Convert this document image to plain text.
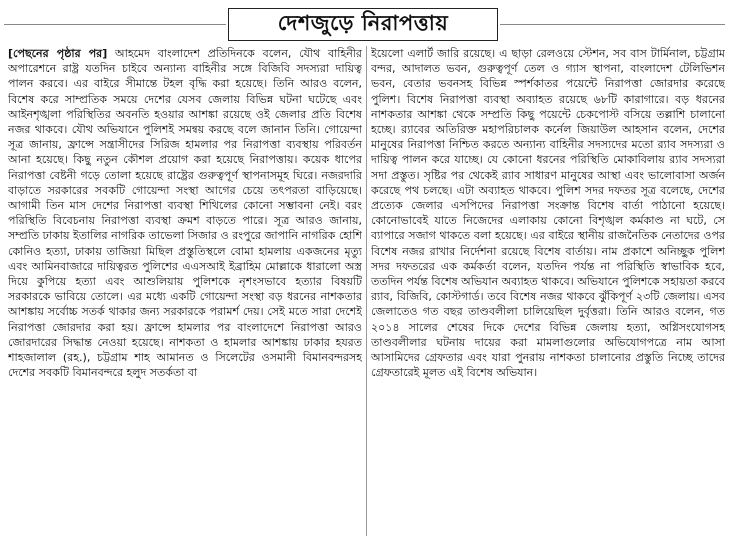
দেশজুড়ে নিরাপত্তায়
[পেছনের পৃষ্ঠার পর] আহমেদ বাংলাদেশ প্রতিদিনকে বলেন, যৌথ বাহিনীর অপারেশনে রাষ্ট্র যতদিন চাইবে অন্যান্য বাহিনীর সঙ্গে বিজিবি সদস্যরা দায়িত্ব পালন করবে। এর বাইরে সীমান্তে টহল বৃদ্ধি করা হয়েছে। তিনি আরও বলেন, বিশেষ করে সাম্প্রতিক সময়ে দেশের যেসব জেলায় বিভিন্ন ঘটনা ঘটেছে এবং আইনশৃঙ্খলা পরিস্থিতির অবনতি হওয়ার আশঙ্কা রয়েছে ওই জেলার প্রতি বিশেষ নজর থাকবে। যৌথ অভিযানে পুলিশই সমন্বয় করছে বলে জানান তিনি। গোয়েন্দা সূত্র জানায়, ফ্রান্সে সন্ত্রাসীদের সিরিজ হামলার পর নিরাপত্তা ব্যবস্থায় পরিবর্তন আনা হয়েছে। কিছু নতুন কৌশল প্রয়োগ করা হয়েছে নিরাপত্তায়। কয়েক ধাপের নিরাপত্তা বেষ্টনী গড়ে তোলা হয়েছে রাষ্ট্রের গুরুত্বপূর্ণ স্থাপনাসমূহ ঘিরে। নজরদারি বাড়াতে সরকারের সবকটি গোয়েন্দা সংস্থা আগের চেয়ে তৎপরতা বাড়িয়েছে। আগামী তিন মাস দেশের নিরাপত্তা ব্যবস্থা শিথিলের কোনো সম্ভাবনা নেই। বরং পরিস্থিতি বিবেচনায় নিরাপত্তা ব্যবস্থা ক্রমশ বাড়তে পারে। সূত্র আরও জানায়, সম্প্রতি ঢাকায় ইতালির নাগরিক তাভেলা সিজার ও রংপুরে জাপানি নাগরিক হোশি কোনিও হত্যা, ঢাকায় তাজিয়া মিছিল প্রস্তুতিস্থলে বোমা হামলায় একজনের মৃত্যু এবং আমিনবাজারে দায়িত্বরত পুলিশের এএসআই ইব্রাহিম মোল্লাকে ধারালো অস্ত্র দিয়ে কুপিয়ে হত্যা এবং আশুলিয়ায় পুলিশকে নৃশংসভাবে হত্যার বিষয়টি সরকারকে ভাবিয়ে তোলে। এর মধ্যে একটি গোয়েন্দা সংস্থা বড় ধরনের নাশকতার আশঙ্কায় সর্বোচ্চ সতর্ক থাকার জন্য সরকারকে পরামর্শ দেয়। সেই মতে সারা দেশেই নিরাপত্তা জোরদার করা হয়। ফ্রান্সে হামলার পর বাংলাদেশে নিরাপত্তা আরও জোরদারের সিদ্ধান্ত নেওয়া হয়েছে। নাশকতা ও হামলার আশঙ্কায় ঢাকার হযরত শাহজালাল (রহ.), চট্টগ্রাম শাহ আমানত ও সিলেটের ওসমানী বিমানবন্দরসহ দেশের সবকটি বিমানবন্দরে হলুদ সতর্কতা বা
ইয়েলো এলার্ট জারি রয়েছে। এ ছাড়া রেলওয়ে স্টেশন, সব বাস টার্মিনাল, চট্টগ্রাম বন্দর, আদালত ভবন, গুরুত্বপূর্ণ তেল ও গ্যাস স্থাপনা, বাংলাদেশ টেলিভিশন ভবন, বেতার ভবনসহ বিভিন্ন স্পর্শকাতর পয়েন্টে নিরাপত্তা জোরদার করেছে পুলিশ। বিশেষ নিরাপত্তা ব্যবস্থা অব্যাহত রয়েছে ৬৮টি কারাগারে। বড় ধরনের নাশকতার আশঙ্কা থেকে সম্প্রতি কিছু পয়েন্টে চেকপোস্ট বসিয়ে তল্লাশি চালানো হচ্ছে। র‌্যাবের অতিরিক্ত মহাপরিচালক কর্নেল জিয়াউল আহসান বলেন, দেশের মানুষের নিরাপত্তা নিশ্চিত করতে অন্যান্য বাহিনীর সদস্যদের মতো র‌্যাব সদস্যরা ও দায়িত্ব পালন করে যাচ্ছে। যে কোনো ধরনের পরিস্থিতি মোকাবিলায় র‌্যাব সদস্যরা সদা প্রস্তুত। সৃষ্টির পর থেকেই র‌্যাব সাধারণ মানুষের আস্থা এবং ভালোবাসা অর্জন করেছে পথ চলছে। এটা অব্যাহত থাকবে। পুলিশ সদর দফতর সূত্র বলেছে, দেশের প্রত্যেক জেলার এসপিদের নিরাপত্তা সংক্রান্ত বিশেষ বার্তা পাঠানো হয়েছে। কোনোভাবেই যাতে নিজেদের এলাকায় কোনো বিশৃঙ্খল কর্মকাণ্ড না ঘটে, সে ব্যাপারে সজাগ থাকতে বলা হয়েছে। এর বাইরে স্থানীয় রাজনৈতিক নেতাদের ওপর বিশেষ নজর রাখার নির্দেশনা রয়েছে বিশেষ বার্তায়। নাম প্রকাশে অনিচ্ছুক পুলিশ সদর দফতরের এক কর্মকর্তা বলেন, যতদিন পর্যন্ত না পরিস্থিতি স্বাভাবিক হবে, ততদিন পর্যন্ত বিশেষ অভিযান অব্যাহত থাকবে। অভিযানে পুলিশকে সহায়তা করবে র‌্যাব, বিজিবি, কোস্টগার্ড। তবে বিশেষ নজর থাকবে ঝুঁকিপূর্ণ ২৩টি জেলায়। এসব জেলাতেও গত বছর তাণ্ডবলীলা চালিয়েছিল দুর্বৃত্তরা। তিনি আরও বলেন, গত ২০১৪ সালের শেষের দিকে দেশের বিভিন্ন জেলায় হত্যা, অগ্নিসংযোগসহ তাণ্ডবলীলার ঘটনায় দায়ের করা মামলাগুলোর অভিযোগপত্রে নাম আসা আসামিদের গ্রেফতার এবং যারা পুনরায় নাশকতা চালানোর প্রস্তুতি নিচ্ছে তাদের গ্রেফতারেই মূলত এই বিশেষ অভিযান।
